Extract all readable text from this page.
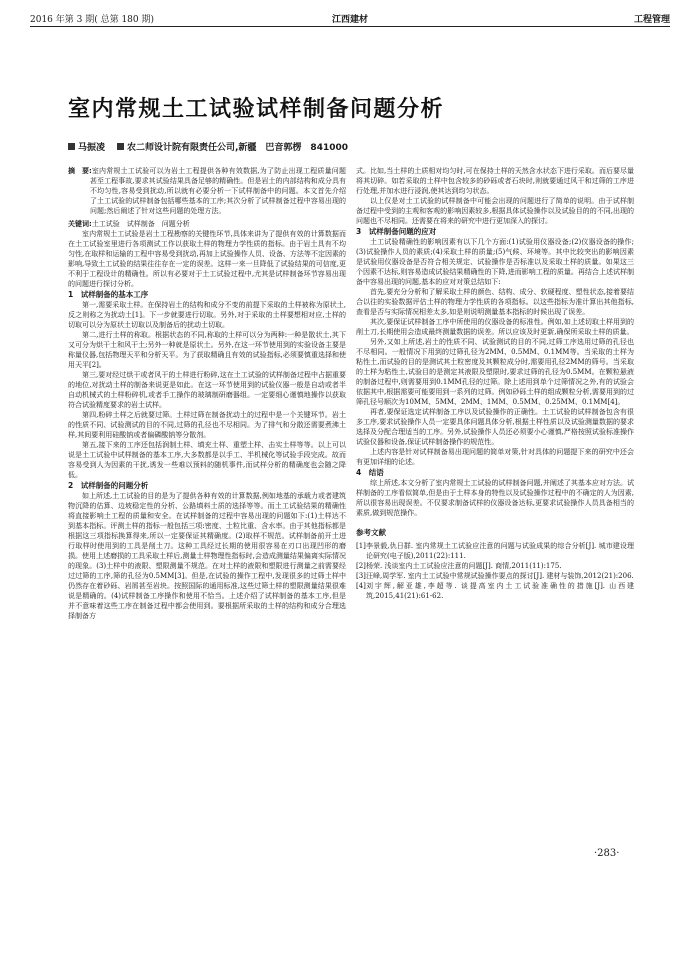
2016 年第 3 期( 总第 180 期)	江西建材	工程管理
室内常规土工试验试样制备问题分析
马振凌 农二师设计院有限责任公司,新疆　巴音郭楞　841000
摘　要: 室内常规土工试验可以为岩土工程提供各种有效数据,为了防止出现工程质量问题甚至工程事故,要求其试验结果具备足够的精确性。但是岩土的内部结构和成分具有不均匀性,容易受到扰动,所以就有必要分析一下试样制备中的问题。本文首先介绍了土工试验的试样制备包括哪些基本的工序;其次分析了试样制备过程中容易出现的问题;然后阐述了针对这些问题的处理方法。

关键词:土工试验　试样制备　问题分析

室内常规土工试验是岩土工程勘察的关键性环节,具体来讲为了提供有效的计算数据而在土工试验室里进行各项测试工作以获取土样的物理力学性质的指标。由于岩土具有不均匀性,在取样和运输的工程中容易受到扰动,再加上试验操作人员、设备、方法等不定因素的影响,导致土工试验的结果往往存在一定的误差。这样一来一旦降低了试验结果的可信度,更不利于工程设计的精确性。所以有必要对于土工试验过程中,尤其是试样制备环节容易出现的问题进行探讨分析。

1　试样制备的基本工序

第一,需要采取土样。在保持岩土的结构和成分不变的前提下采取的土样被称为原状土,反之则称之为扰动土[1]。下一步就要进行切取。另外,对于采取的土样要想相对应,土样的切取可以分为原状土切取以及制备后的扰动土切取。

第二,进行土样的称取。根据状态的不同,称取的土样可以分为两种:一种是散状土,其下又可分为烘干土和风干土;另外一种就是原状土。另外,在这一环节使用到的实验设备主要是称量仪器,包括物理天平和分析天平。为了获取精确且有效的试验指标,必须要慎重选择和使用天平[2]。

第三,要对经过烘干或者风干的土样进行粉碎,这在土工试验的试样制备过程中占据重要的地位,对扰动土样的制备来说更是如此。在这一环节使用到的试验仪器一般是自动或者半自动机械式的土样粉碎机,或者手工操作的玻璃制研磨器组。一定要细心谨慎地操作以获取符合试验精度要求的岩土试样。

第四,粉碎土样之后就要过筛。土样过筛在制备扰动土的过程中是一个关键环节。岩土的性质不同、试验测试的目的不同,过筛的孔径也不尽相同。为了排气和分散还需要煮沸土样,其间要利用硅酸钠或者偏磷酸钠等分散剂。

第五,接下来的工序还包括润制土样、填充土样、重塑土样、击实土样等等。以上可以说是土工试验中试样制备的基本工序,大多数都是以手工、半机械化等试验手段完成。故而容易受到人为因素的干扰,诱发一些难以预料的随机事件,而试样分析的精确度也会随之降低。

2　试样制备的问题分析

如上所述,土工试验的目的是为了提供各种有效的计算数据,例如地基的承载力或者建筑物沉降的估算、边坡稳定性的分析、公路填料土质的选择等等。而土工试验结果的精确性将直接影响土工程的质量和安全。在试样制备的过程中容易出现的问题如下:(1)土样达不到基本指标。评测土样的指标一般包括三项:密度、土粒比重、含水率。由于其他指标都是根据这三项指标换算得来,所以一定要保证其精确度。(2)取样不规范。试样制备前开土进行取样时使用到的工具是削土刀。这种工具经过长期的使用很容易在刃口出现凹形的磨损。使用上述磨损的工具采取土样后,测量土样物理性指标时,会造成测量结果偏离实际情况的现象。(3)土样中的液限、塑限测量不规范。在对土样的液限和塑限进行测量之前需要经过过筛的工序,筛的孔径为0.5MM[3]。但是,在试验的操作工程中,发现很多的过筛土样中仍然存在着砂砾、岩屑甚至岩块。按照国际的通用标准,这些过筛土样的塑限测量结果很难说是精确的。(4)试样制备工序操作和使用不恰当。上述介绍了试样制备的基本工序,但是并不意味着这些工序在制备过程中都会使用到。要根据所采取的土样的结构和成分合理选择制备方

式。比如,当土样的土质相对均匀时,可在保持土样的天然含水状态下进行采取。而后要尽量将其切碎。如若采取的土样中包含较多的砂砾或者石块时,则就要通过风干和过筛的工序进行处理,并加水进行浸润,使其达到均匀状态。

以上仅是对土工试验的试样制备中可能会出现的问题进行了简单的说明。由于试样制备过程中受到的主观和客观的影响因素较多,根据具体试验操作以及试验目的的不同,出现的问题也不尽相同。还需要在将来的研究中进行更加深入的探讨。

3　试样制备问题的应对

土工试验精确性的影响因素有以下几个方面:(1)试验用仪器设备;(2)仪器设备的操作;(3)试验操作人员的素质;(4)采取土样的质量;(5)气候、环境等。其中比较突出的影响因素是试验用仪器设备是否符合相关规定、试验操作是否标准以及采取土样的质量。如果这三个因素不达标,则容易造成试验结果精确性的下降,进而影响工程的质量。再结合上述试样制备中容易出现的问题,基本的应对对策总结如下:

首先,要充分分析和了解采取土样的颜色、结构、成分、软硬程度、塑性状态,接着要结合以往的实验数据评估土样的物理力学性质的各项指标。以这些指标为准计算出其他指标,查看是否与实际情况相差太多,如是则说明测量基本指标的时候出现了误差。

其次,要保证试样制备工序中所使用的仪器设备的标准性。例如,如上述切取土样用到的削土刀,长期使用会造成最终测量数据的误差。所以应该及时更新,确保所采取土样的质量。

另外,又如上所述,岩土的性质不同、试验测试的目的不同,过筛工序选用过筛的孔径也不尽相同。一般情况下用到的过筛孔径为2MM、0.5MM、0.1MM等。当采取的土样为粘性土,而试验的目的是测试其土粒密度及其颗粒成分时,需要用孔径2MM的筛号。当采取的土样为粘性土,试验目的是测定其液限及塑限时,要求过筛的孔径为0.5MM。在颗粒悬液的制备过程中,则需要用到0.1MM孔径的过筛。除上述用到单个过筛情况之外,有的试验会依据其中,根据需要可能要用到一系列的过筛。例如砂砾土样的组成颗粒分析,需要用到的过筛孔径号顺次为10MM、5MM、2MM、1MM、0.5MM、0.25MM、0.1MM[4]。

再者,要保证选定试样制备工序以及试验操作的正确性。土工试验的试样制备包含有很多工序,要求试验操作人员一定要具体问题具体分析,根据土样性质以及试验测量数据的要求选择及分配合理适当的工序。另外,试验操作人员还必须要小心谨慎,严格按照试验标准操作试验仪器和设备,保证试样制备操作的规范性。

上述内容是针对试样制备易出现问题的简单对策,针对具体的问题提下来的研究中还会有更加详细的论述。

4　结语

综上所述,本文分析了室内常规土工试验的试样制备问题,并阐述了其基本应对方法。试样制备的工序看似简单,但是由于土样本身的特性以及试验操作过程中的不确定的人为因素,所以很容易出现误差。不仅要求制备试样的仪器设备达标,更要求试验操作人员具备相当的素质,做到规范操作。

参考文献

[1] 李景毅,仇日群. 室内常规土工试验应注意的问题与试验成果的综合分析[J]. 城市建设理论研究(电子版),2011(22):111.

[2] 杨荣. 浅谈室内土工试验应注意的问题[J]. 商情,2011(11):175.

[3] 汪峰,周学军. 室内土工试验中常规试验操作要点的探讨[J]. 建材与装饰,2012(21):206.

[4] 刘宇辉,解亚雄,李超等. 谈提高室内土工试验准确性的措施[J]. 山西建筑,2015,41(21):61-62.

·283·
